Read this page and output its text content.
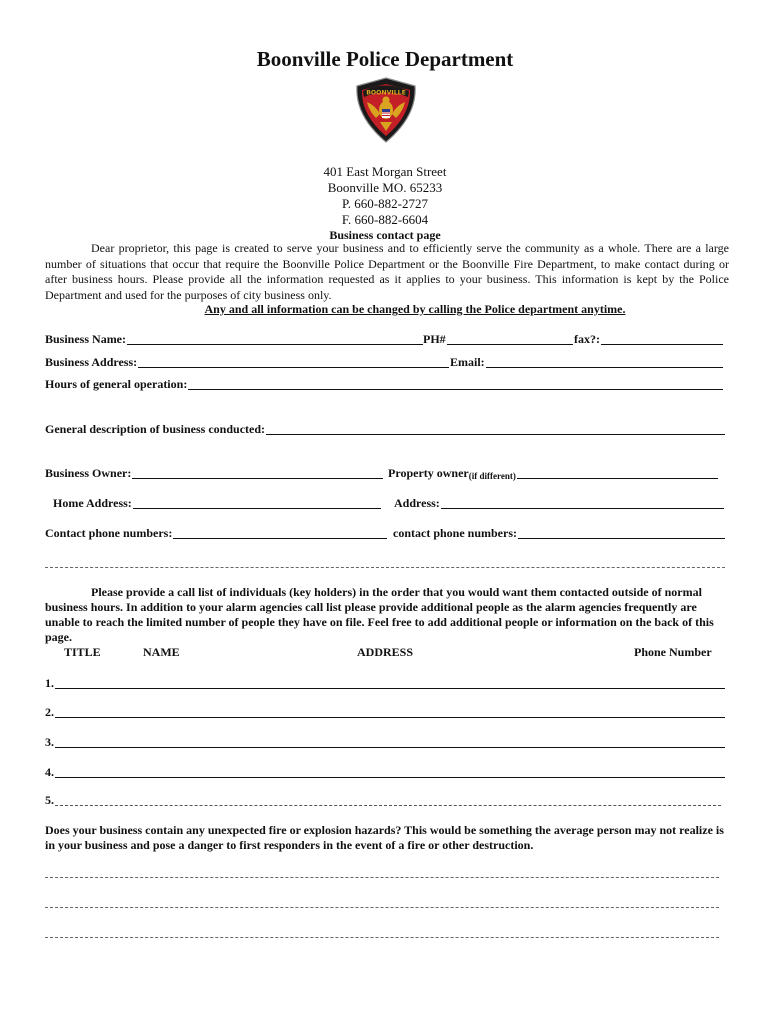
Boonville Police Department
BOONVILLE
401 East Morgan Street
Boonville MO. 65233
P. 660-882-2727
F. 660-882-6604
Business contact page
Dear proprietor, this page is created to serve your business and to efficiently serve the community as a whole. There are a large number of situations that occur that require the Boonville Police Department or the Boonville Fire Department, to make contact during or after business hours. Please provide all the information requested as it applies to your business. This information is kept by the Police Department and used for the purposes of city business only.
Any and all information can be changed by calling the Police department anytime.
Business Name:	PH#	fax?:
Business Address:	Email:
Hours of general operation:
General description of business conducted:
Business Owner:	Property owner (if different)
Home Address:	Address:
Contact phone numbers:	contact phone numbers:
Please provide a call list of individuals (key holders) in the order that you would want them contacted outside of normal business hours. In addition to your alarm agencies call list please provide additional people as the alarm agencies frequently are unable to reach the limited number of people they have on file. Feel free to add additional people or information on the back of this page.
TITLE	NAME	ADDRESS	Phone Number
1.
2.
3.
4.
5.
Does your business contain any unexpected fire or explosion hazards? This would be something the average person may not realize is in your business and pose a danger to first responders in the event of a fire or other destruction.
